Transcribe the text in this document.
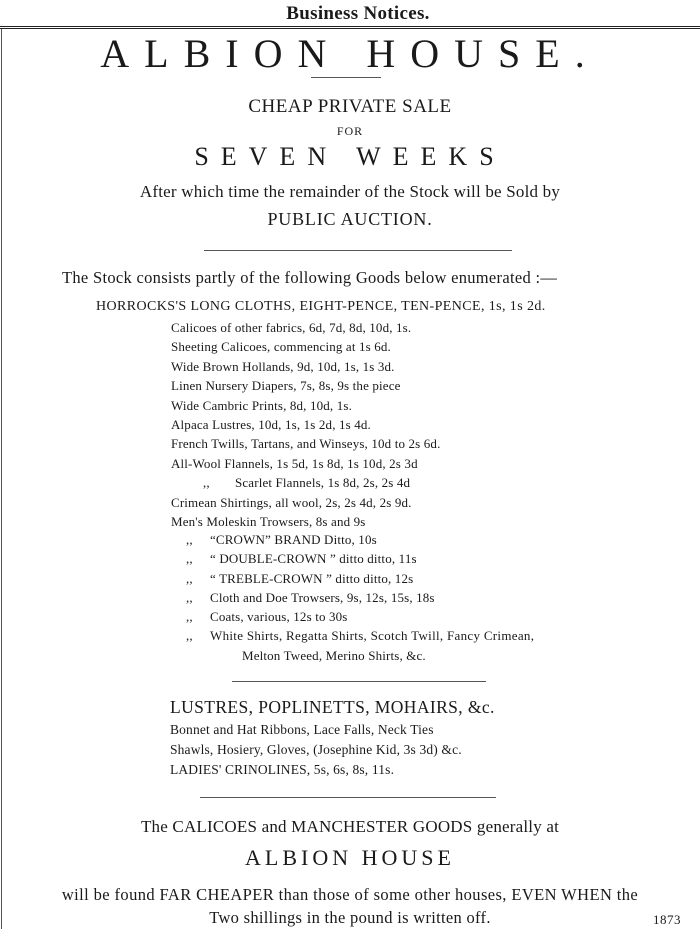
Business Notices.
ALBION HOUSE.
CHEAP PRIVATE SALE
FOR
SEVEN WEEKS
After which time the remainder of the Stock will be Sold by
PUBLIC AUCTION.
The Stock consists partly of the following Goods below enumerated :—
HORROCKS'S LONG CLOTHS, EIGHT-PENCE, TEN-PENCE, 1s, 1s 2d.
Calicoes of other fabrics, 6d, 7d, 8d, 10d, 1s.
Sheeting Calicoes, commencing at 1s 6d.
Wide Brown Hollands, 9d, 10d, 1s, 1s 3d.
Linen Nursery Diapers, 7s, 8s, 9s the piece
Wide Cambric Prints, 8d, 10d, 1s.
Alpaca Lustres, 10d, 1s, 1s 2d, 1s 4d.
French Twills, Tartans, and Winseys, 10d to 2s 6d.
All-Wool Flannels, 1s 5d, 1s 8d, 1s 10d, 2s 3d
,, Scarlet Flannels, 1s 8d, 2s, 2s 4d
Crimean Shirtings, all wool, 2s, 2s 4d, 2s 9d.
Men's Moleskin Trowsers, 8s and 9s
,, “CROWN” BRAND Ditto, 10s
,, “ DOUBLE-CROWN ” ditto ditto, 11s
,, “ TREBLE-CROWN ” ditto ditto, 12s
,, Cloth and Doe Trowsers, 9s, 12s, 15s, 18s
,, Coats, various, 12s to 30s
,, White Shirts, Regatta Shirts, Scotch Twill, Fancy Crimean,
Melton Tweed, Merino Shirts, &c.
LUSTRES, POPLINETTS, MOHAIRS, &c.
Bonnet and Hat Ribbons, Lace Falls, Neck Ties
Shawls, Hosiery, Gloves, (Josephine Kid, 3s 3d) &c.
LADIES' CRINOLINES, 5s, 6s, 8s, 11s.
The CALICOES and MANCHESTER GOODS generally at
ALBION HOUSE
will be found FAR CHEAPER than those of some other houses, EVEN WHEN the
Two shillings in the pound is written off.	1873
